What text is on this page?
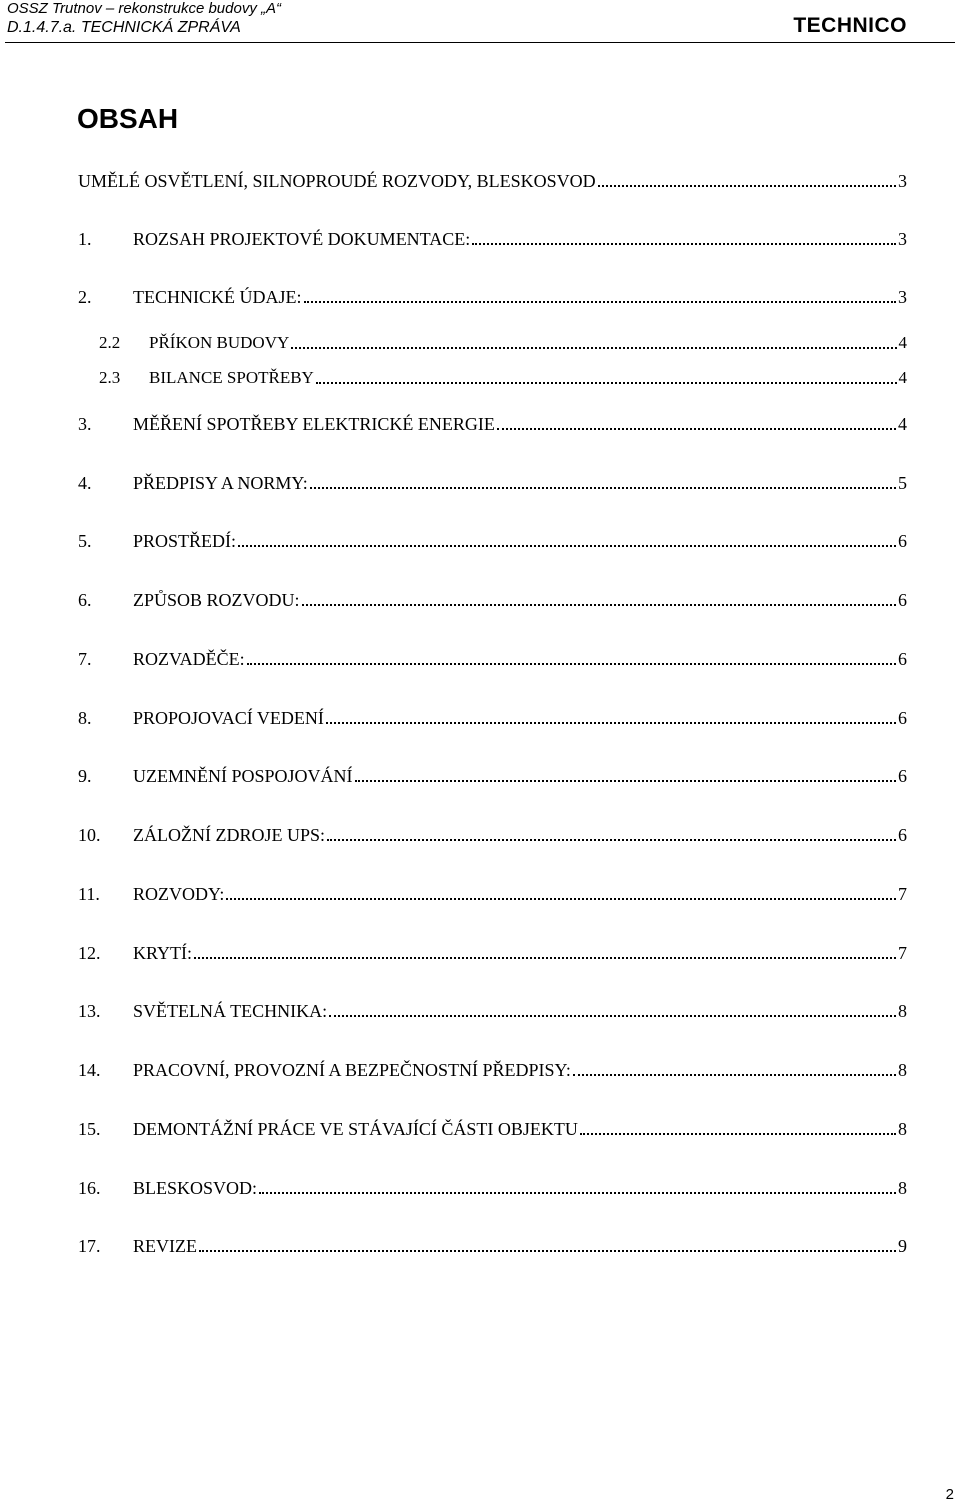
OSSZ Trutnov – rekonstrukce budovy „A“
D.1.4.7.a. TECHNICKÁ ZPRÁVA	TECHNICO
OBSAH
UMĚLÉ OSVĚTLENÍ, SILNOPROUDÉ ROZVODY, BLESKOSVOD	3
1.	ROZSAH PROJEKTOVÉ DOKUMENTACE:	3
2.	TECHNICKÉ ÚDAJE:	3
2.2	PŘÍKON BUDOVY	4
2.3	BILANCE SPOTŘEBY	4
3.	MĚŘENÍ SPOTŘEBY ELEKTRICKÉ ENERGIE	4
4.	PŘEDPISY A NORMY:	5
5.	PROSTŘEDÍ:	6
6.	ZPŮSOB ROZVODU:	6
7.	ROZVADĚČE:	6
8.	PROPOJOVACÍ VEDENÍ	6
9.	UZEMNĚNÍ POSPOJOVÁNÍ	6
10.	ZÁLOŽNÍ ZDROJE UPS:	6
11.	ROZVODY:	7
12.	KRYTÍ:	7
13.	SVĚTELNÁ TECHNIKA:	8
14.	PRACOVNÍ, PROVOZNÍ A BEZPEČNOSTNÍ PŘEDPISY:	8
15.	DEMONTÁŽNÍ PRÁCE VE STÁVAJÍCÍ ČÁSTI OBJEKTU	8
16.	BLESKOSVOD:	8
17.	REVIZE	9
2
